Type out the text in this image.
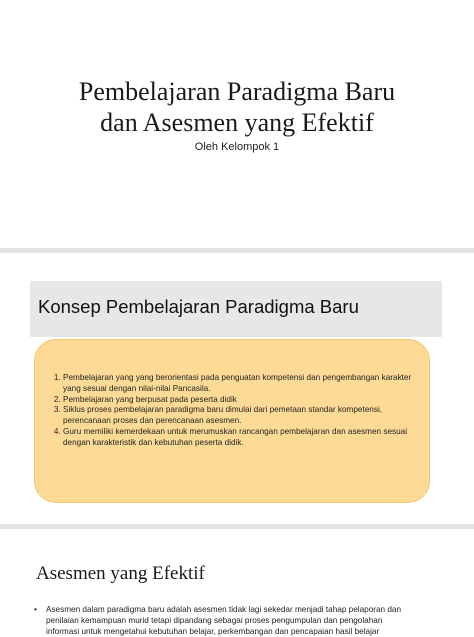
Pembelajaran Paradigma Baru
dan Asesmen yang Efektif
Oleh Kelompok 1
Konsep Pembelajaran Paradigma Baru
1. Pembelajaran yang yang berorientasi pada penguatan kompetensi dan pengembangan karakter yang sesuai dengan nilai-nilai Pancasila.
2. Pembelajaran yang berpusat pada peserta didik
3. Siklus proses pembelajaran paradigma baru dimulai dari pemetaan standar kompetensi, perencanaan proses dan perencanaan asesmen.
4. Guru memiliki kemerdekaan untuk merumuskan rancangan pembelajaran dan asesmen sesuai dengan karakteristik dan kebutuhan peserta didik.
Asesmen yang Efektif
• Asesmen dalam paradigma baru adalah asesmen tidak lagi sekedar menjadi tahap pelaporan dan penilaian kemampuan murid tetapi dipandang sebagai proses pengumpulan dan pengolahan informasi untuk mengetahui kebutuhan belajar, perkembangan dan pencapaian hasil belajar
